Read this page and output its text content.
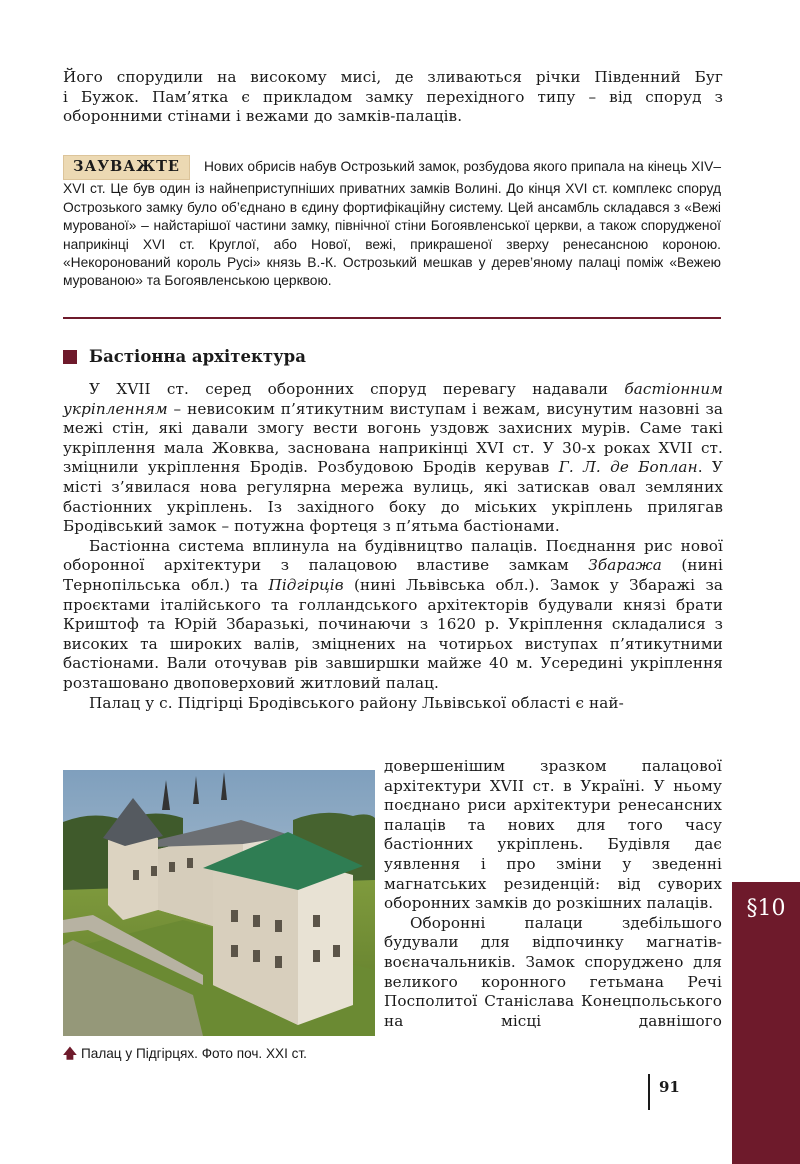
Його спорудили на високому мисі, де зливаються річки Південний Буг
і Бужок. Пам’ятка є прикладом замку перехідного типу – від споруд з
оборонними стінами і вежами до замків-палаців.

ЗАУВАЖТЕ Нових обрисів набув Острозький замок, розбудова якого припала на кінець XIV–XVI ст. Це був один із найнеприступніших приватних замків Волині. До кінця XVI ст. комплекс споруд Острозького замку було об’єднано в єдину фортифікаційну систему. Цей ансамбль складався з «Вежі мурованої» – найстарішої частини замку, північної стіни Богоявленської церкви, а також спорудженої наприкінці XVI ст. Круглої, або Нової, вежі, прикрашеної зверху ренесансною короною. «Некоронований король Русі» князь В.-К. Острозький мешкав у дерев’яному палаці поміж «Вежею мурованою» та Богоявленською церквою.

Бастіонна архітектура

У XVII ст. серед оборонних споруд перевагу надавали бастіонним укріпленням – невисоким п’ятикутним виступам і вежам, висунутим назовні за межі стін, які давали змогу вести вогонь уздовж захисних мурів. Саме такі укріплення мала Жовква, заснована наприкінці XVI ст. У 30-х роках XVII ст. зміцнили укріплення Бродів. Розбудовою Бродів керував Г. Л. де Боплан. У місті з’явилася нова регулярна мережа вулиць, які затискав овал земляних бастіонних укріплень. Із західного боку до міських укріплень прилягав Бродівський замок – потужна фортеця з п’ятьма бастіонами.

Бастіонна система вплинула на будівництво палаців. Поєднання рис нової оборонної архітектури з палацовою властиве замкам Збаража (нині Тернопільська обл.) та Підгірців (нині Львівська обл.). Замок у Збаражі за проєктами італійського та голландського архітекторів будували князі брати Криштоф та Юрій Збаразькі, починаючи з 1620 р. Укріплення складалися з високих та широких валів, зміцнених на чотирьох виступах п’ятикутними бастіонами. Вали оточував рів завширшки майже 40 м. Усередині укріплення розташовано двоповерховий житловий палац.

Палац у с. Підгірці Бродівського району Львівської області є най-

🡅 Палац у Підгірцях. Фото поч. XXI ст.

довершенішим зразком палацової архітектури XVII ст. в Україні. У ньому поєднано риси архітектури ренесансних палаців та нових для того часу бастіонних укріплень. Будівля дає уявлення і про зміни у зведенні магнатських резиденцій: від суворих оборонних замків до розкішних палаців.

Оборонні палаци здебільшого будували для відпочинку магнатів-воєначальників. Замок споруджено для великого коронного гетьмана Речі Посполитої Станіслава Конецпольського на місці давнішого

91
§10
